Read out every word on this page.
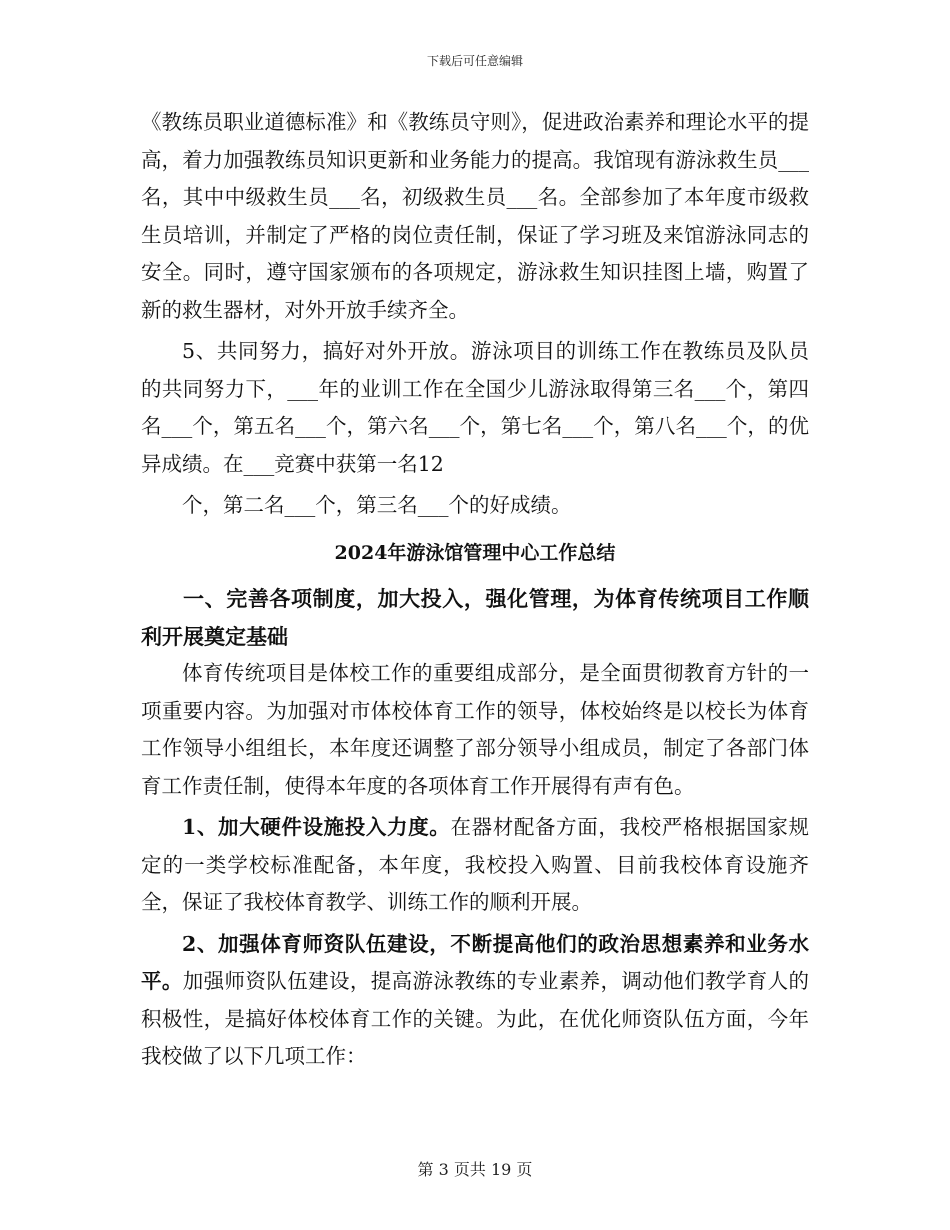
下载后可任意编辑

《教练员职业道德标准》和《教练员守则》，促进政治素养和理论水平的提高，着力加强教练员知识更新和业务能力的提高。我馆现有游泳救生员___名，其中中级救生员___名，初级救生员___名。全部参加了本年度市级救生员培训，并制定了严格的岗位责任制，保证了学习班及来馆游泳同志的安全。同时，遵守国家颁布的各项规定，游泳救生知识挂图上墙，购置了新的救生器材，对外开放手续齐全。

5、共同努力，搞好对外开放。游泳项目的训练工作在教练员及队员的共同努力下，___年的业训工作在全国少儿游泳取得第三名___个，第四名___个，第五名___个，第六名___个，第七名___个，第八名___个，的优异成绩。在___竞赛中获第一名12

个，第二名___个，第三名___个的好成绩。

2024年游泳馆管理中心工作总结

一、完善各项制度，加大投入，强化管理，为体育传统项目工作顺利开展奠定基础

体育传统项目是体校工作的重要组成部分，是全面贯彻教育方针的一项重要内容。为加强对市体校体育工作的领导，体校始终是以校长为体育工作领导小组组长，本年度还调整了部分领导小组成员，制定了各部门体育工作责任制，使得本年度的各项体育工作开展得有声有色。

1、加大硬件设施投入力度。在器材配备方面，我校严格根据国家规定的一类学校标准配备，本年度，我校投入购置、目前我校体育设施齐全，保证了我校体育教学、训练工作的顺利开展。

2、加强体育师资队伍建设，不断提高他们的政治思想素养和业务水平。加强师资队伍建设，提高游泳教练的专业素养，调动他们教学育人的积极性，是搞好体校体育工作的关键。为此，在优化师资队伍方面，今年我校做了以下几项工作：

第 3 页共 19 页
